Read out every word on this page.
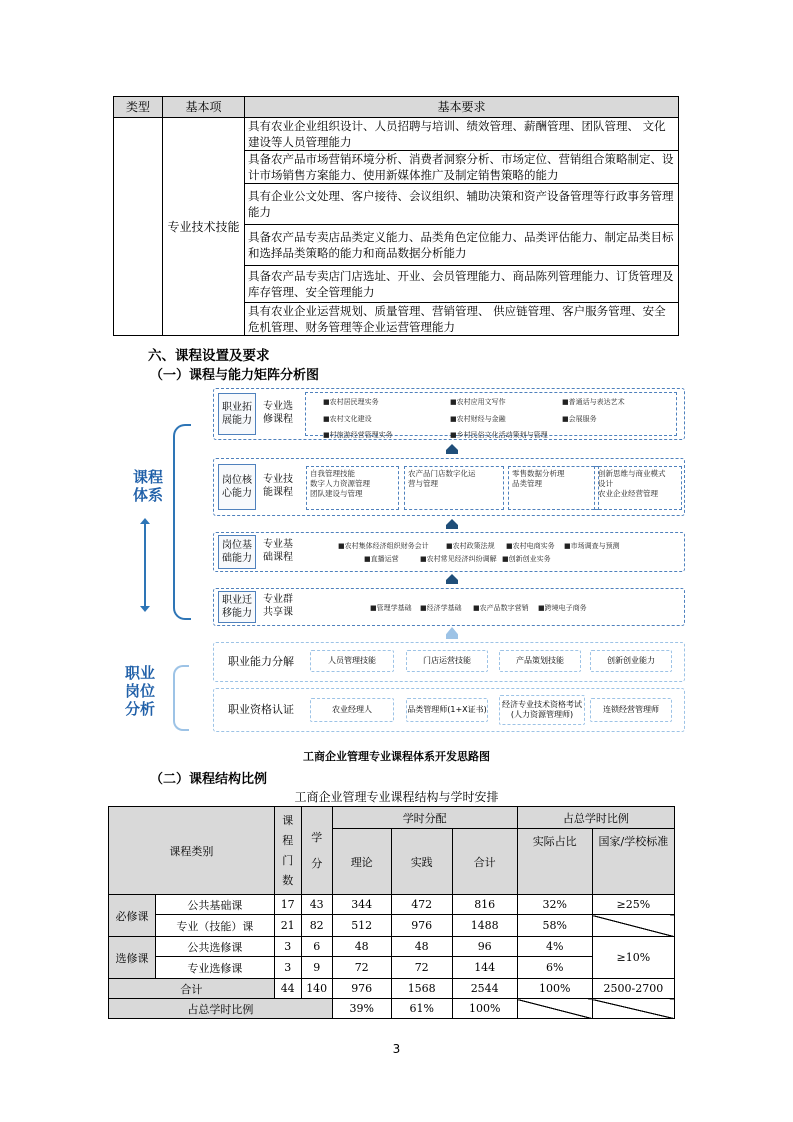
类型	基本项	基本要求
	专业技术技能	具有农业企业组织设计、人员招聘与培训、绩效管理、薪酬管理、团队管理、 文化建设等人员管理能力
		具备农产品市场营销环境分析、消费者洞察分析、市场定位、营销组合策略制定、设计市场销售方案能力、使用新媒体推广及制定销售策略的能力
		具有企业公文处理、客户接待、会议组织、辅助决策和资产设备管理等行政事务管理能力
		具备农产品专卖店品类定义能力、品类角色定位能力、品类评估能力、制定品类目标和选择品类策略的能力和商品数据分析能力
		具备农产品专卖店门店选址、开业、会员管理能力、商品陈列管理能力、订货管理及库存管理、安全管理能力
		具有农业企业运营规划、质量管理、营销管理、 供应链管理、客户服务管理、安全危机管理、财务管理等企业运营管理能力
六、课程设置及要求
（一）课程与能力矩阵分析图
课程
体系
职业拓
展能力
专业选
修课程
■农村居民理实务	■农村应用文写作	■普通话与表达艺术
■农村文化建设	■农村财经与金融	■会展服务
■村旅游经营管理实务	■乡村民俗文化活动策划与管理
岗位核
心能力
专业技
能课程
自我管理技能
数字人力资源管理
团队建设与管理
农产品门店数字化运
营与管理
零售数据分析理
品类管理
创新思维与商业模式
设计
农业企业经营管理
岗位基
础能力
专业基
础课程
■农村集体经济组织财务会计 ■农村政策法规 ■农村电商实务 ■市场调查与预测
■直播运营	■农村常见经济纠纷调解 ■创新创业实务
职业迁
移能力
专业群
共享课	■管理学基础 ■经济学基础 ■农产品数字营销 ■跨境电子商务
职业
岗位
分析
职业能力分解	人员管理技能	门店运营技能	产品策划技能	创新创业能力
职业资格认证	农业经理人	品类管理师(1+X证书)
经济专业技术资格考试
(人力资源管理师)
连锁经营管理师
工商企业管理专业课程体系开发思路图
（二）课程结构比例
工商企业管理专业课程结构与学时安排
课程类别		课
程
门
数	学
分	学时分配			占总学时比例	
				理论	实践	合计	实际占比	国家/学校标准
必修课	公共基础课	17	43	344	472	816	32%	≥25%
	专业（技能）课	21	82	512	976	1488	58%	
选修课	公共选修课	3	6	48	48	96	4%	≥10%
	专业选修课	3	9	72	72	144	6%	
合计		44	140	976	1568	2544	100%	2500-2700
占总学时比例				39%	61%	100%		
3
